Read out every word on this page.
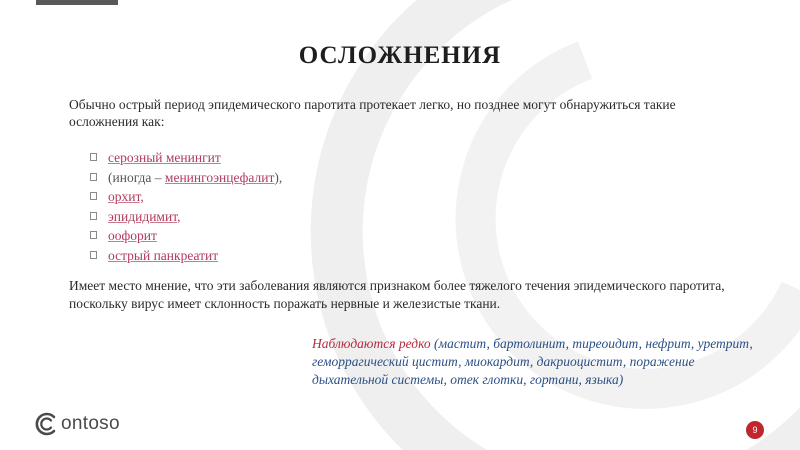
ОСЛОЖНЕНИЯ
Обычно острый период эпидемического паротита протекает легко, но позднее могут обнаружиться такие осложнения как:
серозный менингит
(иногда – менингоэнцефалит),
орхит,
эпидидимит,
оофорит
острый панкреатит
Имеет место мнение, что эти заболевания являются признаком более тяжелого течения эпидемического паротита, поскольку вирус имеет склонность поражать нервные и железистые ткани.
Наблюдаются редко (мастит, бартолинит, тиреоидит, нефрит, уретрит, геморрагический цистит, миокардит, дакриоцистит, поражение дыхательной системы, отек глотки, гортани, языка)
ontoso	9
